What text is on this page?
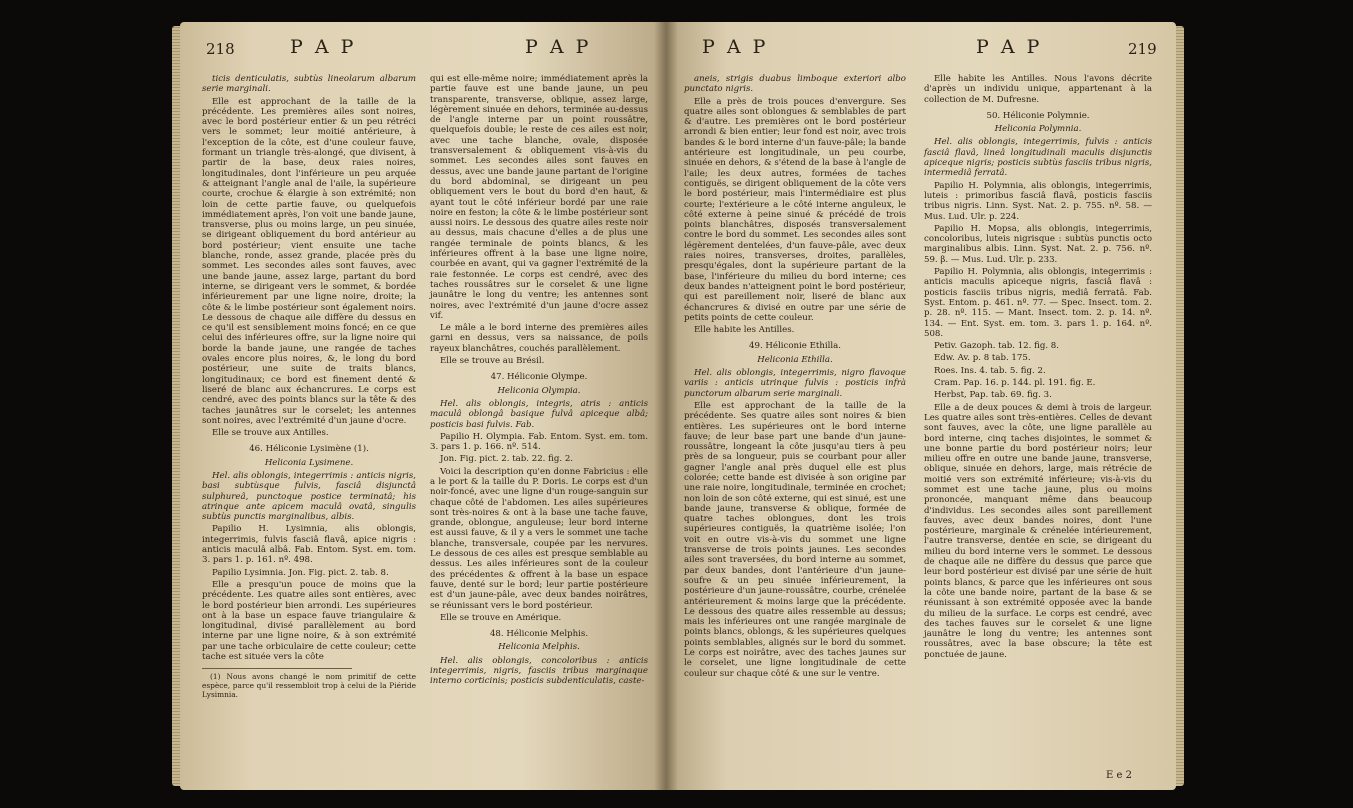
218	P A P	P A P

ticis denticulatis, subtùs lineolarum albarum serie marginali.

Elle est approchant de la taille de la précédente. Les premières ailes sont noires, avec le bord postérieur entier & un peu rétréci vers le sommet; leur moitié antérieure, à l'exception de la côte, est d'une couleur fauve, formant un triangle très-alongé, que divisent, à partir de la base, deux raies noires, longitudinales, dont l'inférieure un peu arquée & atteignant l'angle anal de l'aile, la supérieure courte, crochue & élargie à son extrémité; non loin de cette partie fauve, ou quelquefois immédiatement après, l'on voit une bande jaune, transverse, plus ou moins large, un peu sinuée, se dirigeant obliquement du bord antérieur au bord postérieur; vient ensuite une tache blanche, ronde, assez grande, placée près du sommet. Les secondes ailes sont fauves, avec une bande jaune, assez large, partant du bord interne, se dirigeant vers le sommet, & bordée inférieurement par une ligne noire, droite; la côte & le limbe postérieur sont également noirs. Le dessous de chaque aile diffère du dessus en ce qu'il est sensiblement moins foncé; en ce que celui des inférieures offre, sur la ligne noire qui borde la bande jaune, une rangée de taches ovales encore plus noires, &, le long du bord postérieur, une suite de traits blancs, longitudinaux; ce bord est finement denté & liseré de blanc aux échancrures. Le corps est cendré, avec des points blancs sur la tête & des taches jaunâtres sur le corselet; les antennes sont noires, avec l'extrémité d'un jaune d'ocre.

Elle se trouve aux Antilles.

46. Héliconie Lysimène (1).

Heliconia Lysimene.

Hel. alis oblongis, integerrimis : anticis nigris, basi subtùsque fulvis, fasciâ disjunctâ sulphureâ, punctoque postice terminatâ; his atrinque ante apicem maculâ ovatâ, singulis subtùs punctis marginalibus, albis.

Papilio H. Lysimnia, alis oblongis, integerrimis, fulvis fasciâ flavâ, apice nigris : anticis maculâ albâ. Fab. Entom. Syst. em. tom. 3. pars 1. p. 161. nº. 498.

Papilio Lysimnia. Jon. Fig. pict. 2. tab. 8.

Elle a presqu'un pouce de moins que la précédente. Les quatre ailes sont entières, avec le bord postérieur bien arrondi. Les supérieures ont à la base un espace fauve triangulaire & longitudinal, divisé parallèlement au bord interne par une ligne noire, & à son extrémité par une tache orbiculaire de cette couleur; cette tache est située vers la côte

(1) Nous avons changé le nom primitif de cette espèce, parce qu'il ressembloit trop à celui de la Piéride Lysimnia.

qui est elle-même noire; immédiatement après la partie fauve est une bande jaune, un peu transparente, transverse, oblique, assez large, légèrement sinuée en dehors, terminée au-dessus de l'angle interne par un point roussâtre, quelquefois double; le reste de ces ailes est noir, avec une tache blanche, ovale, disposée transversalement & obliquement vis-à-vis du sommet. Les secondes ailes sont fauves en dessus, avec une bande jaune partant de l'origine du bord abdominal, se dirigeant un peu obliquement vers le bout du bord d'en haut, & ayant tout le côté inférieur bordé par une raie noire en feston; la côte & le limbe postérieur sont aussi noirs. Le dessous des quatre ailes reste noir au dessus, mais chacune d'elles a de plus une rangée terminale de points blancs, & les inférieures offrent à la base une ligne noire, courbée en avant, qui va gagner l'extrémité de la raie festonnée. Le corps est cendré, avec des taches roussâtres sur le corselet & une ligne jaunâtre le long du ventre; les antennes sont noires, avec l'extrémité d'un jaune d'ocre assez vif.

Le mâle a le bord interne des premières ailes garni en dessus, vers sa naissance, de poils rayeux blanchâtres, couchés parallèlement.

Elle se trouve au Brésil.

47. Héliconie Olympe.

Heliconia Olympia.

Hel. alis oblongis, integris, atris : anticis maculâ oblongâ basique fulvâ apiceque albâ; posticis basi fulvis. Fab.

Papilio H. Olympia. Fab. Entom. Syst. em. tom. 3. pars 1. p. 166. nº. 514.

Jon. Fig. pict. 2. tab. 22. fig. 2.

Voici la description qu'en donne Fabricius : elle a le port & la taille du P. Doris. Le corps est d'un noir-foncé, avec une ligne d'un rouge-sanguin sur chaque côté de l'abdomen. Les ailes supérieures sont très-noires & ont à la base une tache fauve, grande, oblongue, anguleuse; leur bord interne est aussi fauve, & il y a vers le sommet une tache blanche, transversale, coupée par les nervures. Le dessous de ces ailes est presque semblable au dessus. Les ailes inférieures sont de la couleur des précédentes & offrent à la base un espace fauve, denté sur le bord; leur partie postérieure est d'un jaune-pâle, avec deux bandes noirâtres, se réunissant vers le bord postérieur.

Elle se trouve en Amérique.

48. Héliconie Melphis.

Heliconia Melphis.

Hel. alis oblongis, concoloribus : anticis integerrimis, nigris, fasciis tribus marginaque interno corticinis; posticis subdenticulatis, caste-

P A P	P A P	219

aneis, strigis duabus limboque exteriori albo punctato nigris.

Elle a près de trois pouces d'envergure. Ses quatre ailes sont oblongues & semblables de part & d'autre. Les premières ont le bord postérieur arrondi & bien entier; leur fond est noir, avec trois bandes & le bord interne d'un fauve-pâle; la bande antérieure est longitudinale, un peu courbe, sinuée en dehors, & s'étend de la base à l'angle de l'aile; les deux autres, formées de taches contiguës, se dirigent obliquement de la côte vers le bord postérieur, mais l'intermédiaire est plus courte; l'extérieure a le côté interne anguleux, le côté externe à peine sinué & précédé de trois points blanchâtres, disposés transversalement contre le bord du sommet. Les secondes ailes sont légèrement dentelées, d'un fauve-pâle, avec deux raies noires, transverses, droites, parallèles, presqu'égales, dont la supérieure partant de la base, l'inférieure du milieu du bord interne; ces deux bandes n'atteignent point le bord postérieur, qui est pareillement noir, liseré de blanc aux échancrures & divisé en outre par une série de petits points de cette couleur.

Elle habite les Antilles.

49. Héliconie Ethilla.

Heliconia Ethilla.

Hel. alis oblongis, integerrimis, nigro flavoque variis : anticis utrinque fulvis : posticis infrà punctorum albarum serie marginali.

Elle est approchant de la taille de la précédente. Ses quatre ailes sont noires & bien entières. Les supérieures ont le bord interne fauve; de leur base part une bande d'un jaune-roussâtre, longeant la côte jusqu'au tiers à peu près de sa longueur, puis se courbant pour aller gagner l'angle anal près duquel elle est plus colorée; cette bande est divisée à son origine par une raie noire, longitudinale, terminée en crochet; non loin de son côté externe, qui est sinué, est une bande jaune, transverse & oblique, formée de quatre taches oblongues, dont les trois supérieures contiguës, la quatrième isolée; l'on voit en outre vis-à-vis du sommet une ligne transverse de trois points jaunes. Les secondes ailes sont traversées, du bord interne au sommet, par deux bandes, dont l'antérieure d'un jaune-soufre & un peu sinuée inférieurement, la postérieure d'un jaune-roussâtre, courbe, crénelée antérieurement & moins large que la précédente. Le dessous des quatre ailes ressemble au dessus; mais les inférieures ont une rangée marginale de points blancs, oblongs, & les supérieures quelques points semblables, alignés sur le bord du sommet. Le corps est noirâtre, avec des taches jaunes sur le corselet, une ligne longitudinale de cette couleur sur chaque côté & une sur le ventre.

Elle habite les Antilles. Nous l'avons décrite d'après un individu unique, appartenant à la collection de M. Dufresne.

50. Héliconie Polymnie.

Heliconia Polymnia.

Hel. alis oblongis, integerrimis, fulvis : anticis fasciâ flavâ, lineâ longitudinali maculis disjunctis apiceque nigris; posticis subtùs fasciis tribus nigris, intermediâ ferratâ.

Papilio H. Polymnia, alis oblongis, integerrimis, luteis : primoribus fasciâ flavâ, posticis fasciis tribus nigris. Linn. Syst. Nat. 2. p. 755. nº. 58. — Mus. Lud. Ulr. p. 224.

Papilio H. Mopsa, alis oblongis, integerrimis, concoloribus, luteis nigrisque : subtùs punctis octo marginalibus albis. Linn. Syst. Nat. 2. p. 756. nº. 59. β. — Mus. Lud. Ulr. p. 233.

Papilio H. Polymnia, alis oblongis, integerrimis : anticis maculis apiceque nigris, fasciâ flavâ : posticis fasciis tribus nigris, mediâ ferratâ. Fab. Syst. Entom. p. 461. nº. 77. — Spec. Insect. tom. 2. p. 28. nº. 115. — Mant. Insect. tom. 2. p. 14. nº. 134. — Ent. Syst. em. tom. 3. pars 1. p. 164. nº. 508.

Petiv. Gazoph. tab. 12. fig. 8.

Edw. Av. p. 8 tab. 175.

Roes. Ins. 4. tab. 5. fig. 2.

Cram. Pap. 16. p. 144. pl. 191. fig. E.

Herbst, Pap. tab. 69. fig. 3.

Elle a de deux pouces & demi à trois de largeur. Les quatre ailes sont très-entières. Celles de devant sont fauves, avec la côte, une ligne parallèle au bord interne, cinq taches disjointes, le sommet & une bonne partie du bord postérieur noirs; leur milieu offre en outre une bande jaune, transverse, oblique, sinuée en dehors, large, mais rétrécie de moitié vers son extrémité inférieure; vis-à-vis du sommet est une tache jaune, plus ou moins prononcée, manquant même dans beaucoup d'individus. Les secondes ailes sont pareillement fauves, avec deux bandes noires, dont l'une postérieure, marginale & crénelée intérieurement, l'autre transverse, dentée en scie, se dirigeant du milieu du bord interne vers le sommet. Le dessous de chaque aile ne diffère du dessus que parce que leur bord postérieur est divisé par une série de huit points blancs, & parce que les inférieures ont sous la côte une bande noire, partant de la base & se réunissant à son extrémité opposée avec la bande du milieu de la surface. Le corps est cendré, avec des taches fauves sur le corselet & une ligne jaunâtre le long du ventre; les antennes sont roussâtres, avec la base obscure; la tête est ponctuée de jaune.

E e 2
